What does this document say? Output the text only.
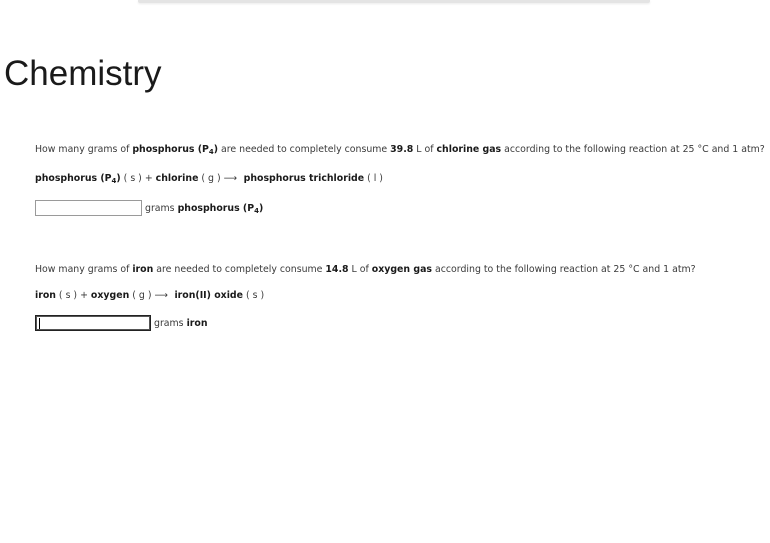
Chemistry
How many grams of phosphorus $(P_4)$ are needed to completely consume 39.8 L of chlorine gas according to the following reaction at 25 °C and 1 atm?
phosphorus $(P_4)$ ( s ) + chlorine ( g ) ⟶phosphorus trichloride ( l )
grams
phosphorus $(P_4)$
How many grams of iron are needed to completely consume 14.8 L of oxygen gas according to the following reaction at 25 °C and 1 atm?
iron ( s ) + oxygen ( g ) ⟶iron(II) oxide ( s )
grams
iron
